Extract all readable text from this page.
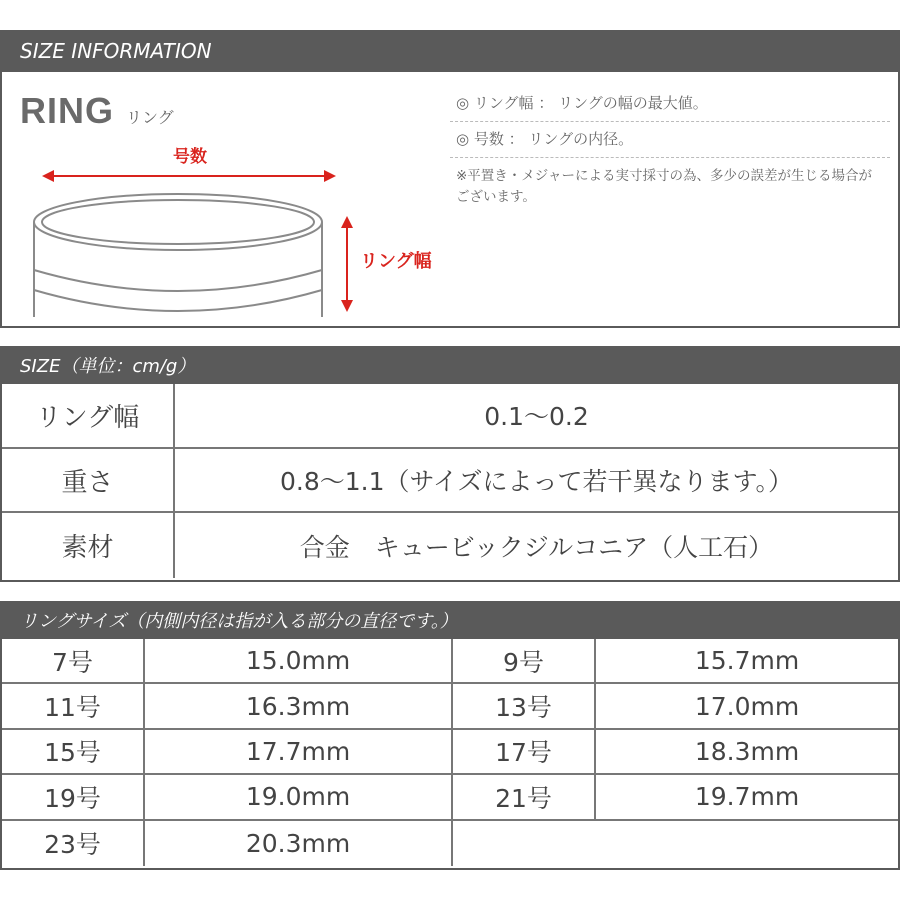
SIZE INFORMATION
RING リング
号数
リング幅
◎ リング幅 ： リングの幅の最大値。
◎ 号数 ： リングの内径。
※平置き・メジャーによる実寸採寸の為、多少の誤差が生じる場合がございます。
SIZE（単位：cm/g）
リング幅	0.1～0.2
重さ	0.8～1.1（サイズによって若干異なります。）
素材	合金　キュービックジルコニア（人工石）
リングサイズ（内側内径は指が入る部分の直径です。）
7号	15.0mm	9号	15.7mm
11号	16.3mm	13号	17.0mm
15号	17.7mm	17号	18.3mm
19号	19.0mm	21号	19.7mm
23号	20.3mm
